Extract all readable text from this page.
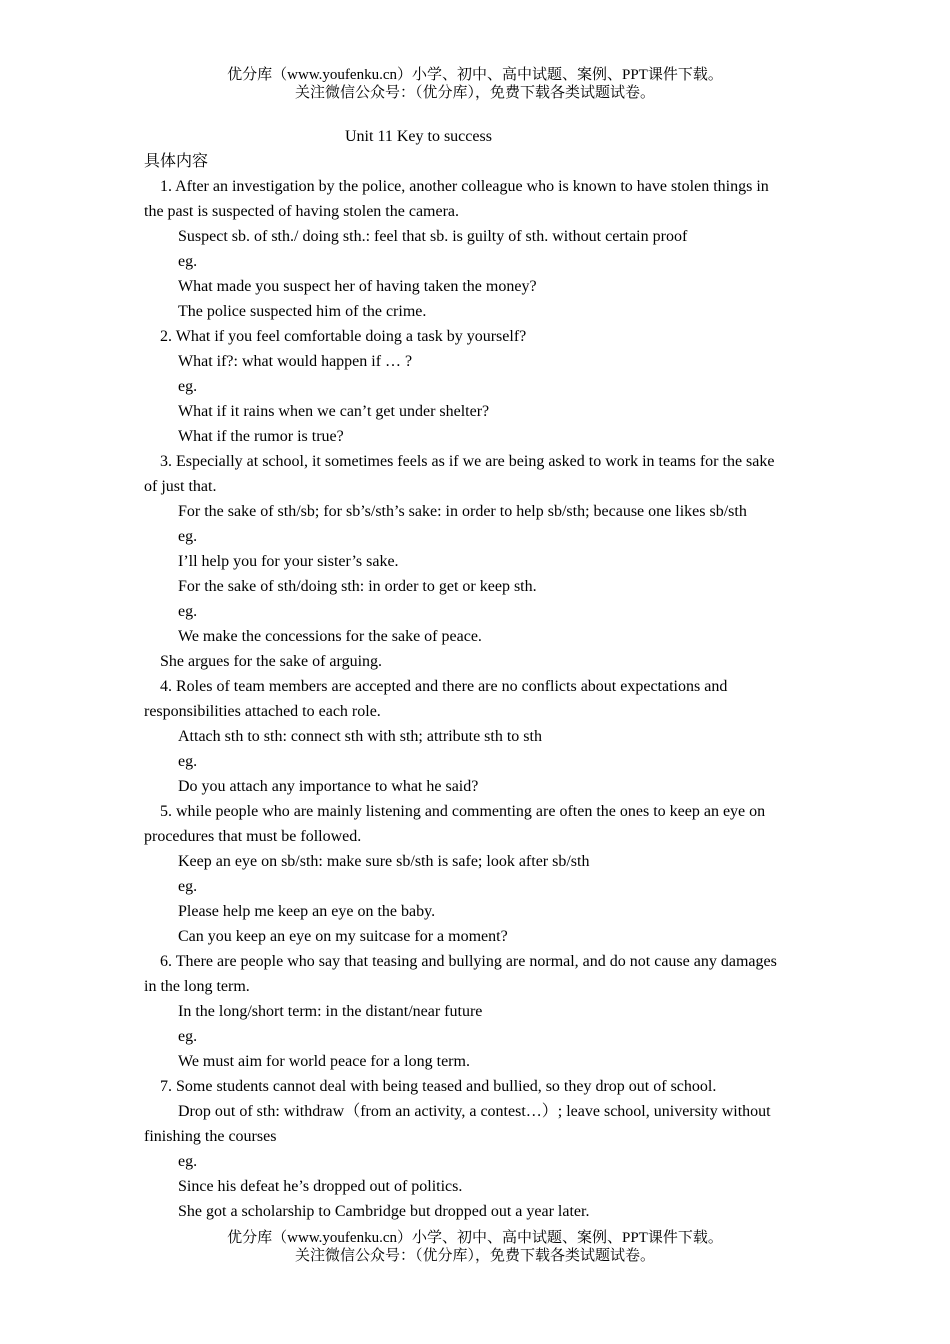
优分库（www.youfenku.cn）小学、初中、高中试题、案例、PPT课件下载。
关注微信公众号：（优分库），免费下载各类试题试卷。
Unit 11 Key to success
具体内容
1. After an investigation by the police, another colleague who is known to have stolen things in
the past is suspected of having stolen the camera.
Suspect sb. of sth./ doing sth.: feel that sb. is guilty of sth. without certain proof
eg.
What made you suspect her of having taken the money?
The police suspected him of the crime.
2. What if you feel comfortable doing a task by yourself?
What if?: what would happen if … ?
eg.
What if it rains when we can’t get under shelter?
What if the rumor is true?
3. Especially at school, it sometimes feels as if we are being asked to work in teams for the sake
of just that.
For the sake of sth/sb; for sb’s/sth’s sake: in order to help sb/sth; because one likes sb/sth
eg.
I’ll help you for your sister’s sake.
For the sake of sth/doing sth: in order to get or keep sth.
eg.
We make the concessions for the sake of peace.
She argues for the sake of arguing.
4. Roles of team members are accepted and there are no conflicts about expectations and
responsibilities attached to each role.
Attach sth to sth: connect sth with sth; attribute sth to sth
eg.
Do you attach any importance to what he said?
5. while people who are mainly listening and commenting are often the ones to keep an eye on
procedures that must be followed.
Keep an eye on sb/sth: make sure sb/sth is safe; look after sb/sth
eg.
Please help me keep an eye on the baby.
Can you keep an eye on my suitcase for a moment?
6. There are people who say that teasing and bullying are normal, and do not cause any damages
in the long term.
In the long/short term: in the distant/near future
eg.
We must aim for world peace for a long term.
7. Some students cannot deal with being teased and bullied, so they drop out of school.
Drop out of sth: withdraw（from an activity, a contest…）; leave school, university without
finishing the courses
eg.
Since his defeat he’s dropped out of politics.
She got a scholarship to Cambridge but dropped out a year later.
优分库（www.youfenku.cn）小学、初中、高中试题、案例、PPT课件下载。
关注微信公众号：（优分库），免费下载各类试题试卷。
